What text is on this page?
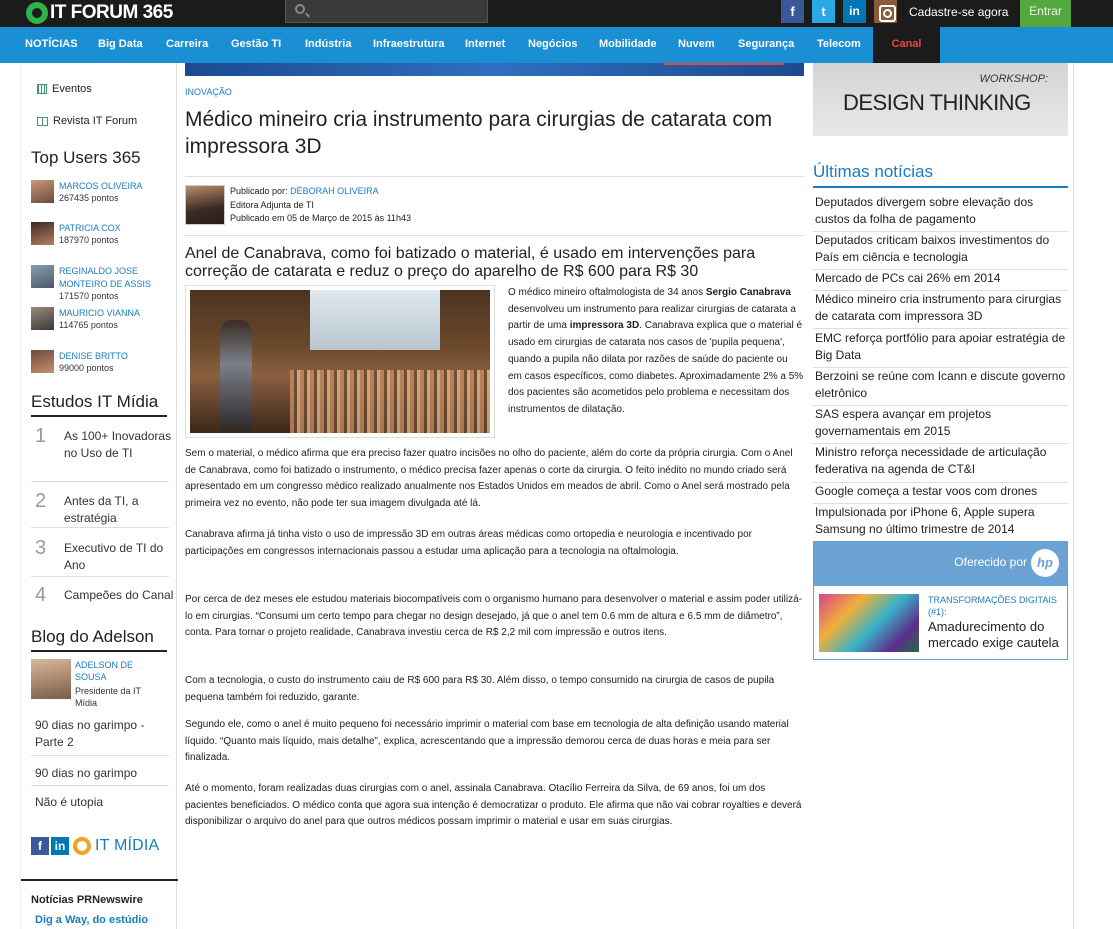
IT FORUM 365	f	t	in	Cadastre-se agora	Entrar
NOTÍCIAS Big Data Carreira Gestão TI Indústria Infraestrutura Internet Negócios Mobilidade Nuvem Segurança Telecom	Canal
Eventos
Revista IT Forum
Top Users 365
MARCOS OLIVEIRA
267435 pontos
PATRICIA COX
187970 pontos
REGINALDO JOSE MONTEIRO DE ASSIS
171570 pontos
MAURICIO VIANNA
114765 pontos
DENISE BRITTO
99000 pontos
Estudos IT Mídia
1 As 100+ Inovadoras no Uso de TI
2 Antes da TI, a estratégia
3 Executivo de TI do Ano
4 Campeões do Canal
Blog do Adelson
ADELSON DE SOUSA
Presidente da IT Mídia
90 dias no garimpo - Parte 2
90 dias no garimpo
Não é utopia
f	in IT MÍDIA
Notícias PRNewswire
Dig a Way, do estúdio
INOVAÇÃO
Médico mineiro cria instrumento para cirurgias de catarata com impressora 3D
Publicado por: DÉBORAH OLIVEIRA
Editora Adjunta de TI
Publicado em 05 de Março de 2015 às 11h43
Anel de Canabrava, como foi batizado o material, é usado em intervenções para correção de catarata e reduz o preço do aparelho de R$ 600 para R$ 30
O médico mineiro oftalmologista de 34 anos Sergio Canabrava desenvolveu um instrumento para realizar cirurgias de catarata a partir de uma impressora 3D. Canabrava explica que o material é usado em cirurgias de catarata nos casos de 'pupila pequena', quando a pupila não dilata por razões de saúde do paciente ou em casos específicos, como diabetes. Aproximadamente 2% a 5% dos pacientes são acometidos pelo problema e necessitam dos instrumentos de dilatação.
Sem o material, o médico afirma que era preciso fazer quatro incisões no olho do paciente, além do corte da própria cirurgia. Com o Anel de Canabrava, como foi batizado o instrumento, o médico precisa fazer apenas o corte da cirurgia. O feito inédito no mundo criado será apresentado em um congresso médico realizado anualmente nos Estados Unidos em meados de abril. Como o Anel será mostrado pela primeira vez no evento, não pode ter sua imagem divulgada até lá.
Canabrava afirma já tinha visto o uso de impressão 3D em outras áreas médicas como ortopedia e neurologia e incentivado por participações em congressos internacionais passou a estudar uma aplicação para a tecnologia na oftalmologia.
Por cerca de dez meses ele estudou materiais biocompatíveis com o organismo humano para desenvolver o material e assim poder utilizá-lo em cirurgias. “Consumi um certo tempo para chegar no design desejado, já que o anel tem 0.6 mm de altura e 6.5 mm de diâmetro”, conta. Para tornar o projeto realidade, Canabrava investiu cerca de R$ 2,2 mil com impressão e outros itens.
Com a tecnologia, o custo do instrumento caiu de R$ 600 para R$ 30. Além disso, o tempo consumido na cirurgia de casos de pupila pequena também foi reduzido, garante.
Segundo ele, como o anel é muito pequeno foi necessário imprimir o material com base em tecnologia de alta definição usando material líquido. “Quanto mais líquido, mais detalhe”, explica, acrescentando que a impressão demorou cerca de duas horas e meia para ser finalizada.
Até o momento, foram realizadas duas cirurgias com o anel, assinala Canabrava. Otacílio Ferreira da Silva, de 69 anos, foi um dos pacientes beneficiados. O médico conta que agora sua intenção é democratizar o produto. Ele afirma que não vai cobrar royalties e deverá disponibilizar o arquivo do anel para que outros médicos possam imprimir o material e usar em suas cirurgias.
WORKSHOP:
DESIGN THINKING
Últimas notícias
Deputados divergem sobre elevação dos custos da folha de pagamento
Deputados criticam baixos investimentos do País em ciência e tecnologia
Mercado de PCs cai 26% em 2014
Médico mineiro cria instrumento para cirurgias de catarata com impressora 3D
EMC reforça portfólio para apoiar estratégia de Big Data
Berzoini se reúne com Icann e discute governo eletrônico
SAS espera avançar em projetos governamentais em 2015
Ministro reforça necessidade de articulação federativa na agenda de CT&I
Google começa a testar voos com drones
Impulsionada por iPhone 6, Apple supera Samsung no último trimestre de 2014
Oferecido por hp
TRANSFORMAÇÕES DIGITAIS (#1):
Amadurecimento do mercado exige cautela
